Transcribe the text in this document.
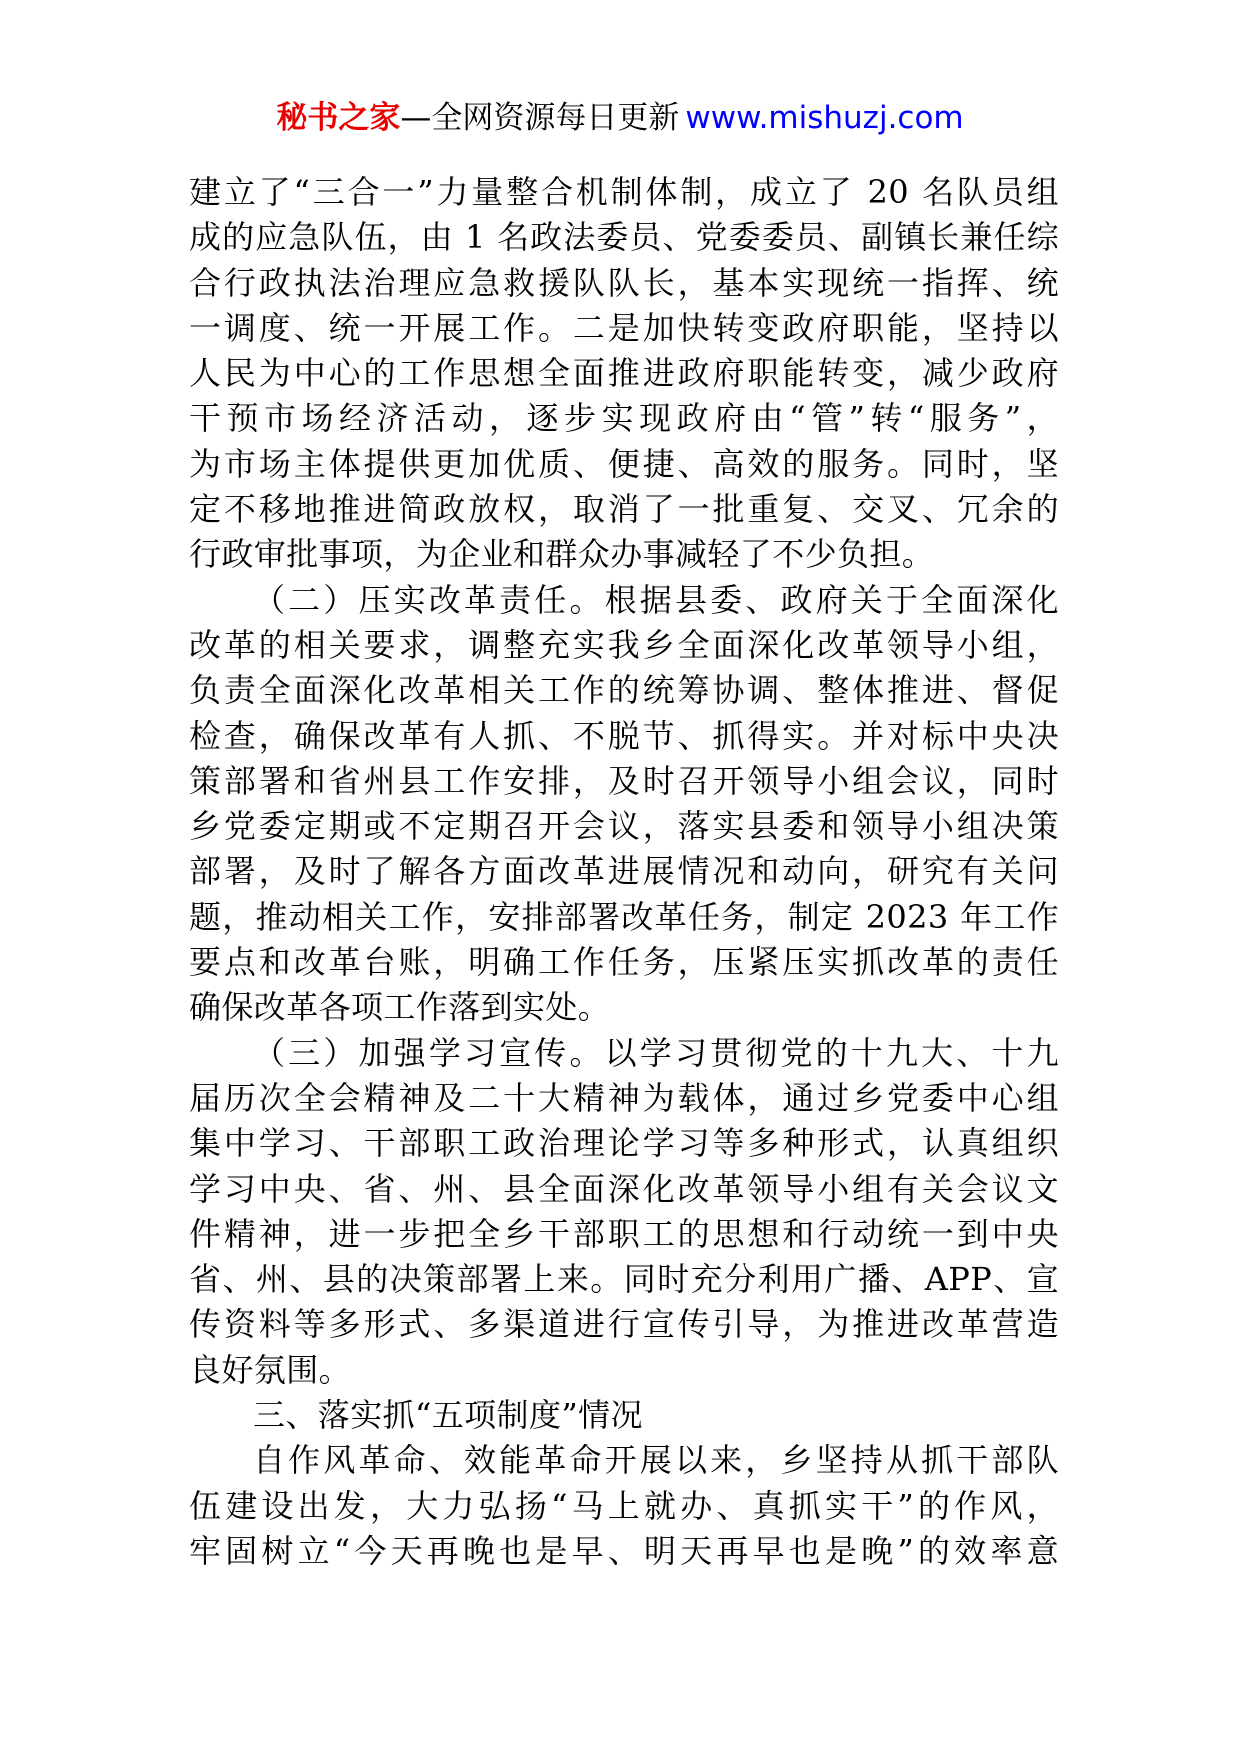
秘书之家—全网资源每日更新 www.mishuzj.com
建立了“三合一”力量整合机制体制，成立了 20 名队员组
成的应急队伍，由 1 名政法委员、党委委员、副镇长兼任综
合行政执法治理应急救援队队长，基本实现统一指挥、统
一调度、统一开展工作。二是加快转变政府职能，坚持以
人民为中心的工作思想全面推进政府职能转变，减少政府
干预市场经济活动，逐步实现政府由“管”转“服务”，
为市场主体提供更加优质、便捷、高效的服务。同时，坚
定不移地推进简政放权，取消了一批重复、交叉、冗余的
行政审批事项，为企业和群众办事减轻了不少负担。
（二）压实改革责任。根据县委、政府关于全面深化
改革的相关要求，调整充实我乡全面深化改革领导小组，
负责全面深化改革相关工作的统筹协调、整体推进、督促
检查，确保改革有人抓、不脱节、抓得实。并对标中央决
策部署和省州县工作安排，及时召开领导小组会议，同时
乡党委定期或不定期召开会议，落实县委和领导小组决策
部署，及时了解各方面改革进展情况和动向，研究有关问
题，推动相关工作，安排部署改革任务，制定 2023 年工作
要点和改革台账，明确工作任务，压紧压实抓改革的责任
确保改革各项工作落到实处。
（三）加强学习宣传。以学习贯彻党的十九大、十九
届历次全会精神及二十大精神为载体，通过乡党委中心组
集中学习、干部职工政治理论学习等多种形式，认真组织
学习中央、省、州、县全面深化改革领导小组有关会议文
件精神，进一步把全乡干部职工的思想和行动统一到中央
省、州、县的决策部署上来。同时充分利用广播、APP、宣
传资料等多形式、多渠道进行宣传引导，为推进改革营造
良好氛围。
三、落实抓“五项制度”情况
自作风革命、效能革命开展以来，乡坚持从抓干部队
伍建设出发，大力弘扬“马上就办、真抓实干”的作风，
牢固树立“今天再晚也是早、明天再早也是晚”的效率意
